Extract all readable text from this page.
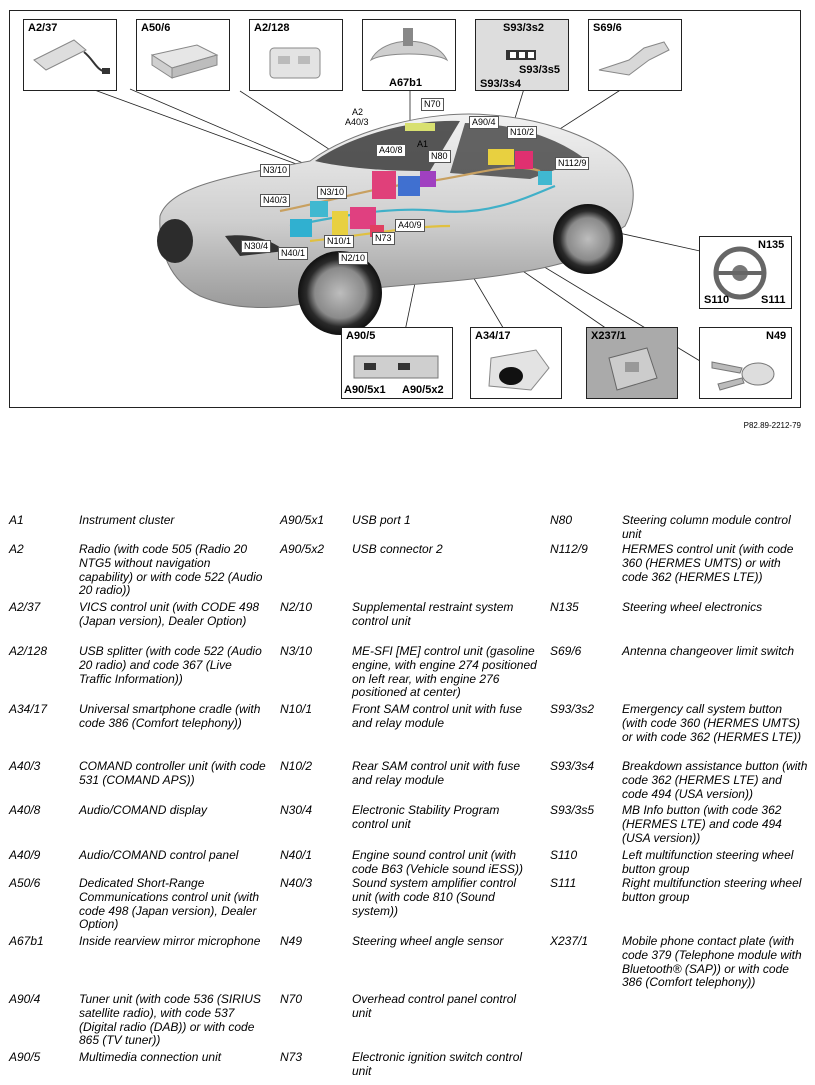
A2/37	A50/6	A2/128
A67b1
S93/3s2
S93/3s5
S93/3s4
S69/6
N135
S110	S111
A90/5
A90/5x1 A90/5x2
A34/17	X237/1	N49
N70
A2
A40/3	A90/4
N10/2
A40/8
A1
N80
N112/9
N3/10
N3/10
N40/3
N30/4
N40/1
N10/1	N73
A40/9
N2/10
P82.89-2212-79
A1	Instrument cluster
A2	Radio (with code 505 (Radio 20 NTG5 without navigation capability) or with code 522 (Audio 20 radio))
A2/37	VICS control unit (with CODE 498 (Japan version), Dealer Option)
A2/128	USB splitter (with code 522 (Audio 20 radio) and code 367 (Live Traffic Information))
A34/17	Universal smartphone cradle (with code 386 (Comfort telephony))
A40/3	COMAND controller unit (with code 531 (COMAND APS))
A40/8	Audio/COMAND display
A40/9	Audio/COMAND control panel
A50/6	Dedicated Short-Range Communications control unit (with code 498 (Japan version), Dealer Option)
A67b1	Inside rearview mirror microphone
A90/4	Tuner unit (with code 536 (SIRIUS satellite radio), with code 537 (Digital radio (DAB)) or with code 865 (TV tuner))
A90/5	Multimedia connection unit
A90/5x1 USB port 1
A90/5x2 USB connector 2
N2/10	Supplemental restraint system control unit
N3/10	ME-SFI [ME] control unit (gasoline engine, with engine 274 positioned on left rear, with engine 276 positioned at center)
N10/1	Front SAM control unit with fuse and relay module
N10/2	Rear SAM control unit with fuse and relay module
N30/4	Electronic Stability Program control unit
N40/1	Engine sound control unit (with code B63 (Vehicle sound iESS))
N40/3	Sound system amplifier control unit (with code 810 (Sound system))
N49	Steering wheel angle sensor
N70	Overhead control panel control unit
N73	Electronic ignition switch control unit
N80	Steering column module control unit
N112/9	HERMES control unit (with code 360 (HERMES UMTS) or with code 362 (HERMES LTE))
N135	Steering wheel electronics
S69/6	Antenna changeover limit switch
S93/3s2 Emergency call system button (with code 360 (HERMES UMTS) or with code 362 (HERMES LTE))
S93/3s4 Breakdown assistance button (with code 362 (HERMES LTE) and code 494 (USA version))
S93/3s5 MB Info button (with code 362 (HERMES LTE) and code 494 (USA version))
S110	Left multifunction steering wheel button group
S111	Right multifunction steering wheel button group
X237/1	Mobile phone contact plate (with code 379 (Telephone module with Bluetooth® (SAP)) or with code 386 (Comfort telephony))
